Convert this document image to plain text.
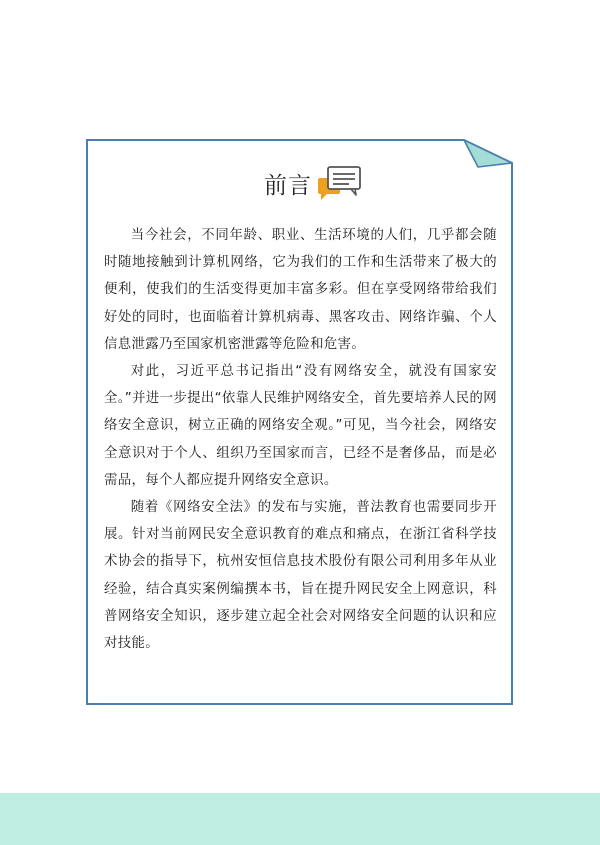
前言

当今社会，不同年龄、职业、生活环境的人们，几乎都会随时随地接触到计算机网络，它为我们的工作和生活带来了极大的便利，使我们的生活变得更加丰富多彩。但在享受网络带给我们好处的同时，也面临着计算机病毒、黑客攻击、网络诈骗、个人信息泄露乃至国家机密泄露等危险和危害。

对此，习近平总书记指出“没有网络安全，就没有国家安全。”并进一步提出“依靠人民维护网络安全，首先要培养人民的网络安全意识，树立正确的网络安全观。”可见，当今社会，网络安全意识对于个人、组织乃至国家而言，已经不是奢侈品，而是必需品，每个人都应提升网络安全意识。

随着《网络安全法》的发布与实施，普法教育也需要同步开展。针对当前网民安全意识教育的难点和痛点，在浙江省科学技术协会的指导下，杭州安恒信息技术股份有限公司利用多年从业经验，结合真实案例编撰本书，旨在提升网民安全上网意识，科普网络安全知识，逐步建立起全社会对网络安全问题的认识和应对技能。
